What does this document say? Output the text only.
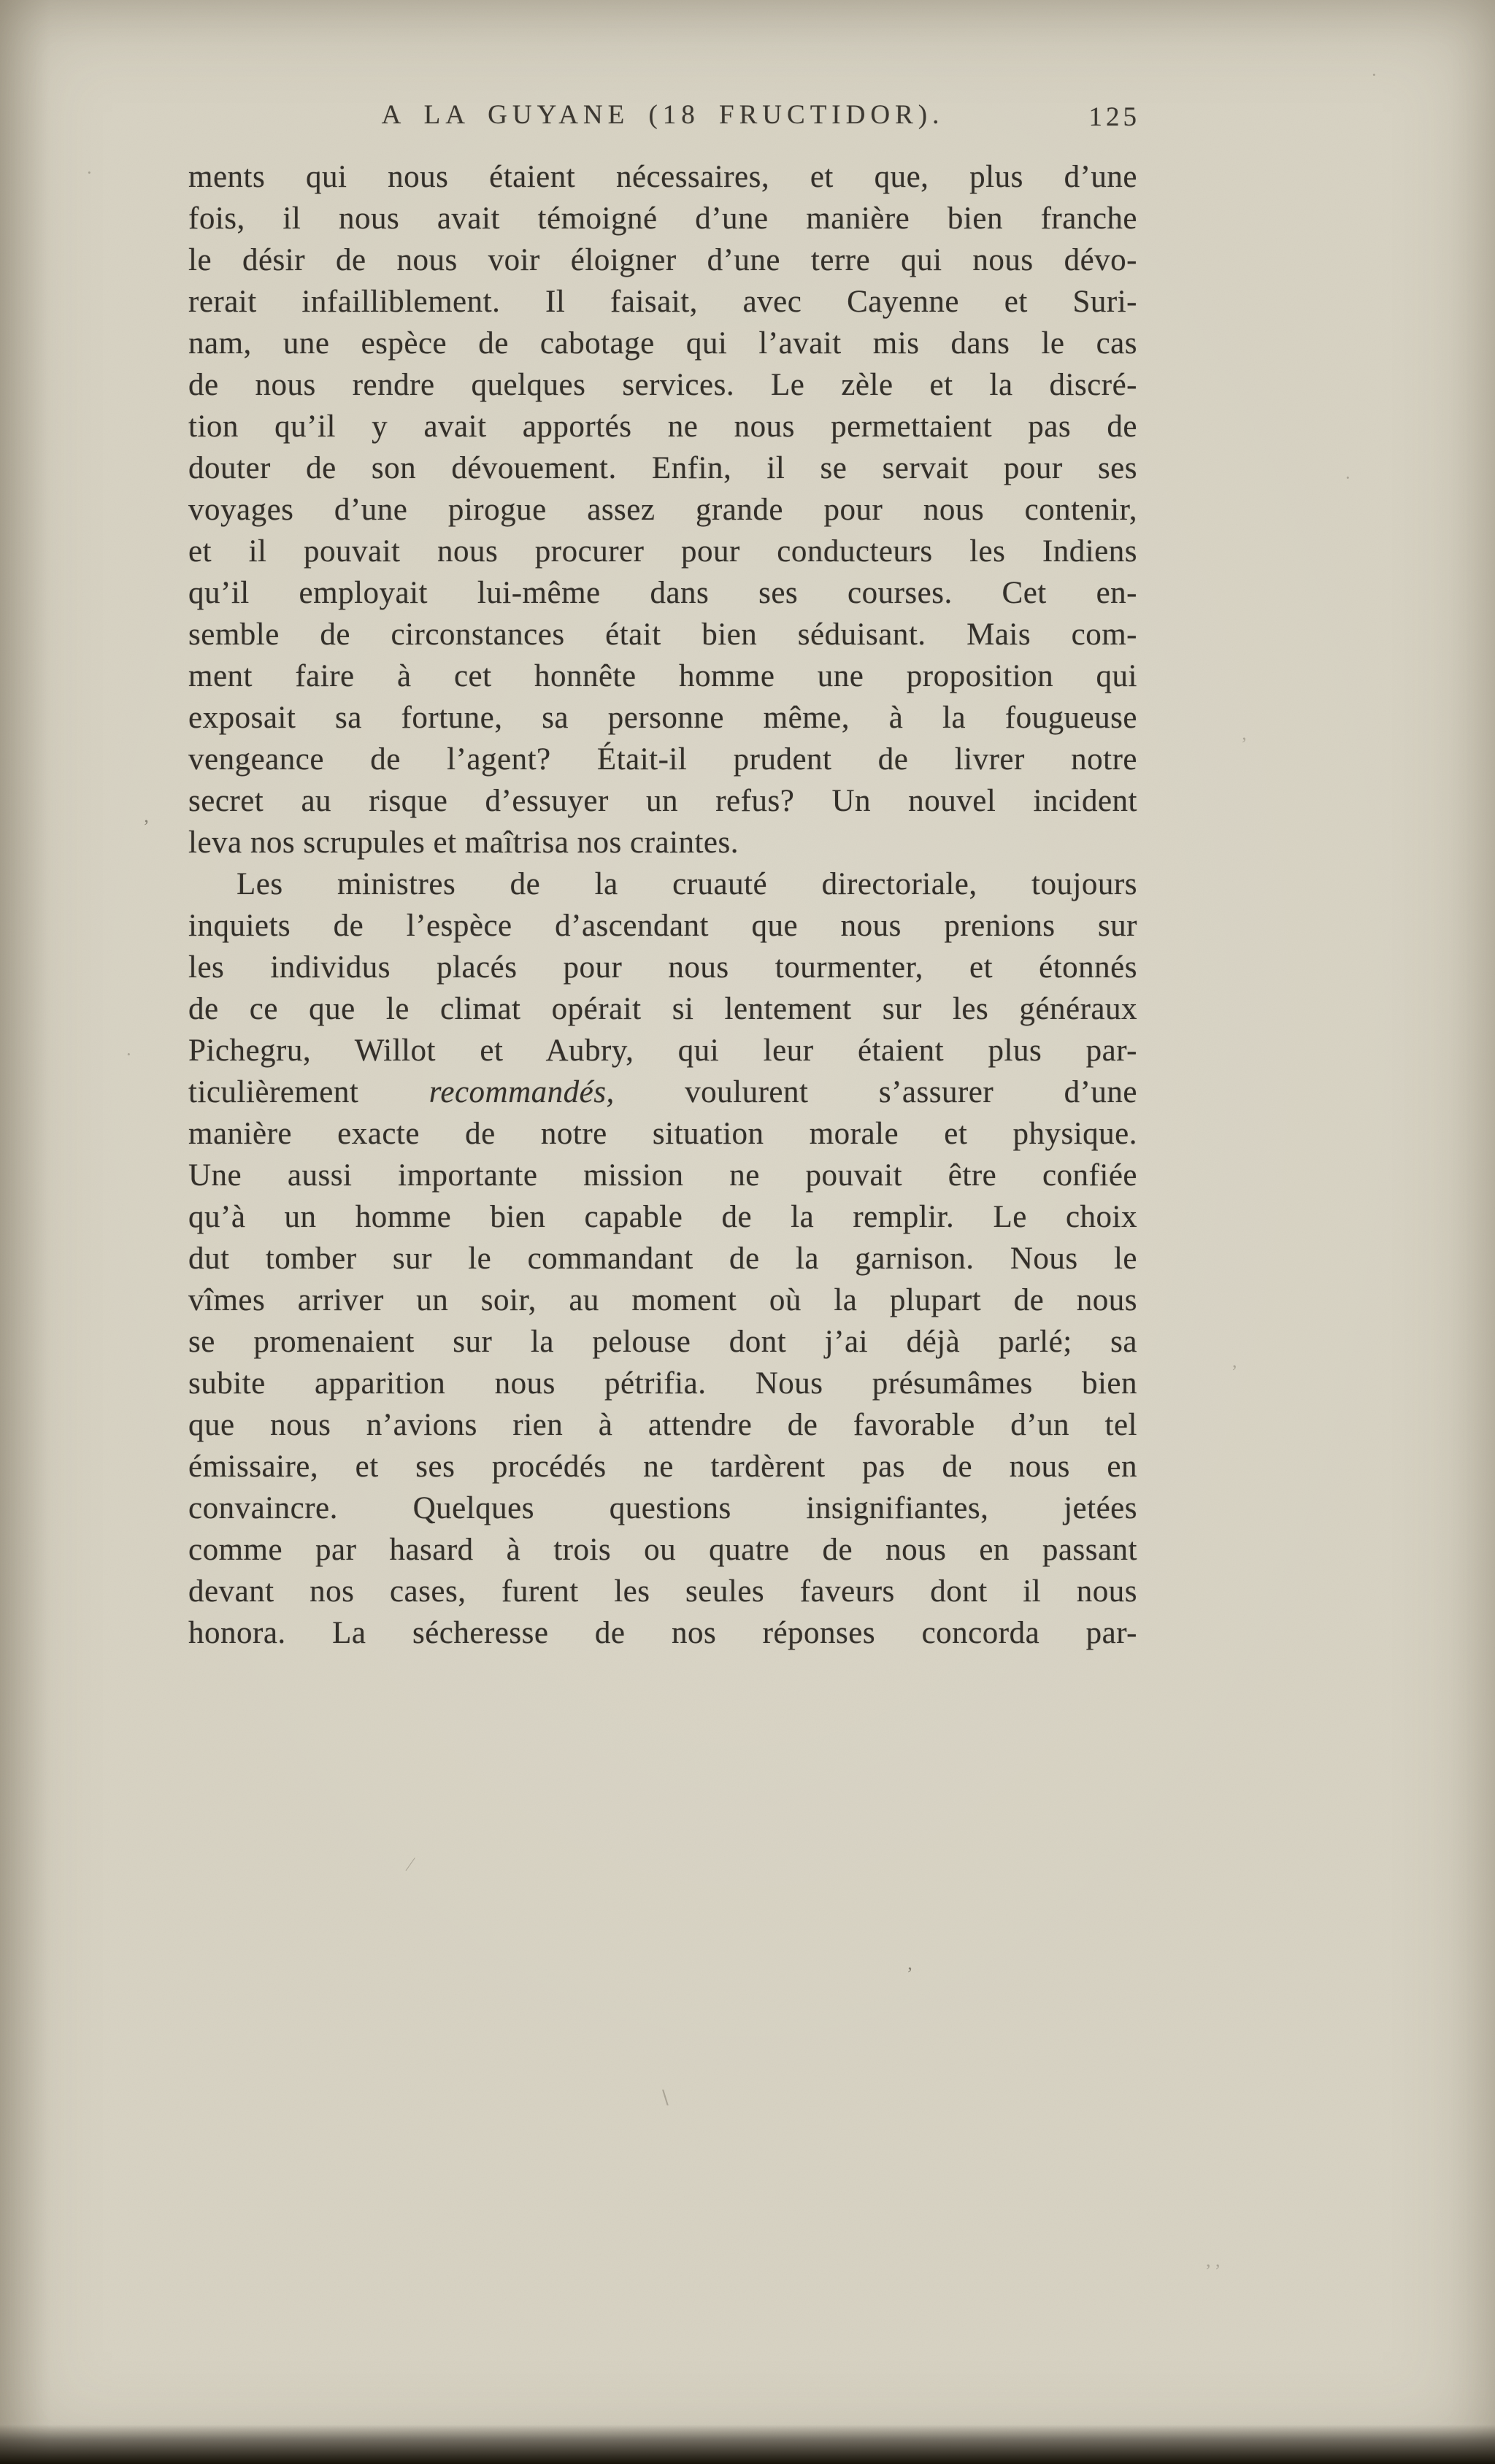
A LA GUYANE (18 FRUCTIDOR).	125
ments qui nous étaient nécessaires, et que, plus d’une
fois, il nous avait témoigné d’une manière bien franche
le désir de nous voir éloigner d’une terre qui nous dévo-
rerait infailliblement. Il faisait, avec Cayenne et Suri-
nam, une espèce de cabotage qui l’avait mis dans le cas
de nous rendre quelques services. Le zèle et la discré-
tion qu’il y avait apportés ne nous permettaient pas de
douter de son dévouement. Enfin, il se servait pour ses
voyages d’une pirogue assez grande pour nous contenir,
et il pouvait nous procurer pour conducteurs les Indiens
qu’il employait lui-même dans ses courses. Cet en-
semble de circonstances était bien séduisant. Mais com-
ment faire à cet honnête homme une proposition qui
exposait sa fortune, sa personne même, à la fougueuse
vengeance de l’agent? Était-il prudent de livrer notre
secret au risque d’essuyer un refus? Un nouvel incident
leva nos scrupules et maîtrisa nos craintes.
Les ministres de la cruauté directoriale, toujours
inquiets de l’espèce d’ascendant que nous prenions sur
les individus placés pour nous tourmenter, et étonnés
de ce que le climat opérait si lentement sur les généraux
Pichegru, Willot et Aubry, qui leur étaient plus par-
ticulièrement recommandés, voulurent s’assurer d’une
manière exacte de notre situation morale et physique.
Une aussi importante mission ne pouvait être confiée
qu’à un homme bien capable de la remplir. Le choix
dut tomber sur le commandant de la garnison. Nous le
vîmes arriver un soir, au moment où la plupart de nous
se promenaient sur la pelouse dont j’ai déjà parlé; sa
subite apparition nous pétrifia. Nous présumâmes bien
que nous n’avions rien à attendre de favorable d’un tel
émissaire, et ses procédés ne tardèrent pas de nous en
convaincre. Quelques questions insignifiantes, jetées
comme par hasard à trois ou quatre de nous en passant
devant nos cases, furent les seules faveurs dont il nous
honora. La sécheresse de nos réponses concorda par-
·
·
’
·
‚
·
,
⁄
’
∖
, ,
